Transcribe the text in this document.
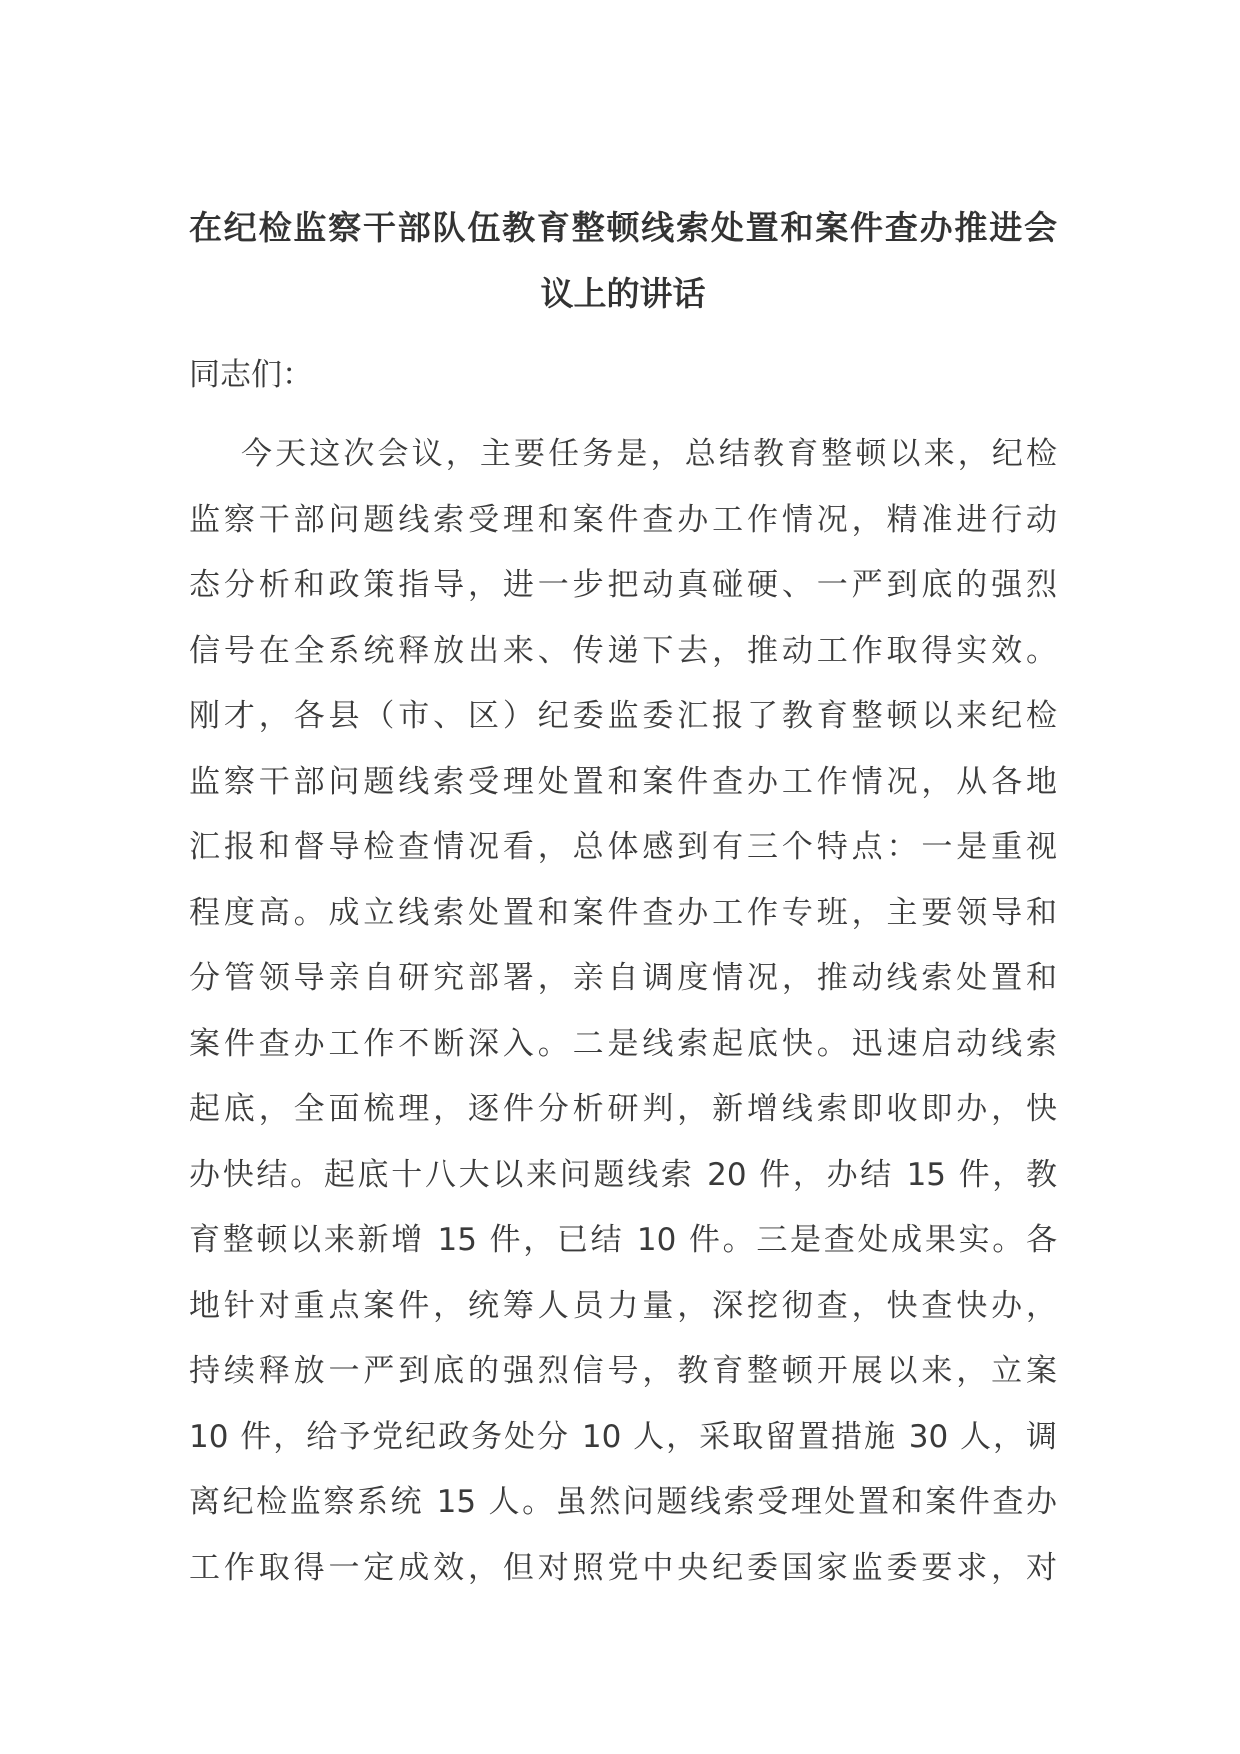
在纪检监察干部队伍教育整顿线索处置和案件查办推进会
议上的讲话
同志们：
今天这次会议，主要任务是，总结教育整顿以来，纪检
监察干部问题线索受理和案件查办工作情况，精准进行动
态分析和政策指导，进一步把动真碰硬、一严到底的强烈
信号在全系统释放出来、传递下去，推动工作取得实效。
刚才，各县（市、区）纪委监委汇报了教育整顿以来纪检
监察干部问题线索受理处置和案件查办工作情况，从各地
汇报和督导检查情况看，总体感到有三个特点：一是重视
程度高。成立线索处置和案件查办工作专班，主要领导和
分管领导亲自研究部署，亲自调度情况，推动线索处置和
案件查办工作不断深入。二是线索起底快。迅速启动线索
起底，全面梳理，逐件分析研判，新增线索即收即办，快
办快结。起底十八大以来问题线索 20 件，办结 15 件，教
育整顿以来新增 15 件，已结 10 件。三是查处成果实。各
地针对重点案件，统筹人员力量，深挖彻查，快查快办，
持续释放一严到底的强烈信号，教育整顿开展以来，立案
10 件，给予党纪政务处分 10 人，采取留置措施 30 人，调
离纪检监察系统 15 人。虽然问题线索受理处置和案件查办
工作取得一定成效，但对照党中央纪委国家监委要求，对
